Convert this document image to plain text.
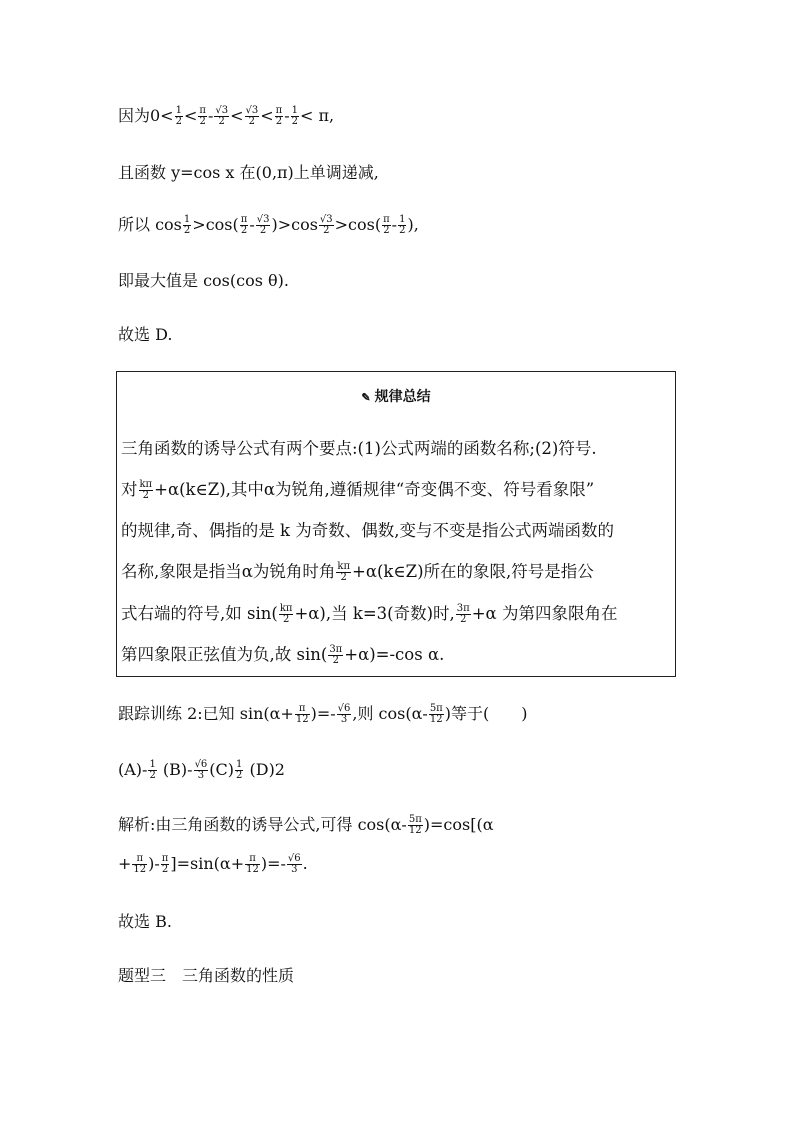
因为$0< \frac{1}{2} < \frac{\pi}{2} - \frac{√3}{2} < \frac{√3}{2} < \frac{\pi}{2} - \frac{1}{2} < \pi$,
且函数 y=cos x 在(0,π)上单调递减,
所以 $\cos \frac{1}{2} >\cos( \frac{\pi}{2} - \frac{√3}{2} )>\cos \frac{√3}{2} >\cos( \frac{\pi}{2} - \frac{1}{2}$ ),
即最大值是 cos(cos θ).
故选 D.
✎ 规律总结
三角函数的诱导公式有两个要点:(1)公式两端的函数名称;(2)符号.
对 $\frac{k\pi}{2}$ +α(k∈Z),其中α为锐角,遵循规律“奇变偶不变、符号看象限”
的规律,奇、偶指的是 k 为奇数、偶数,变与不变是指公式两端函数的
名称,象限是指当α为锐角时角 $\frac{k\pi}{2}$ +α(k∈Z)所在的象限,符号是指公
式右端的符号,如 $\sin( \frac{k\pi}{2} +\alpha)$,当 k=3(奇数)时, $\frac{3\pi}{2} +\alpha$ 为第四象限角在
第四象限正弦值为负,故 $\sin( \frac{3\pi}{2} +\alpha)=-\cos$ α.
跟踪训练 2:已知 $\sin(\alpha+ \frac{\pi}{12}$ )=- $\frac{√6}{3}$ ,则 $\cos(\alpha- \frac{5\pi}{12}$ )等于(　　)
$(A)- \frac{1}{2} (B)- \frac{√6}{3} (C) \frac{1}{2} (D)2$
解析:由三角函数的诱导公式,可得 $\cos(\alpha- \frac{5\pi}{12} )=\cos[(\alpha$
+ $\frac{\pi}{12}$ )- $\frac{\pi}{2} ]=\sin(\alpha+ \frac{\pi}{12}$ )=- $\frac{√6}{3}$ .
故选 B.
题型三　三角函数的性质
